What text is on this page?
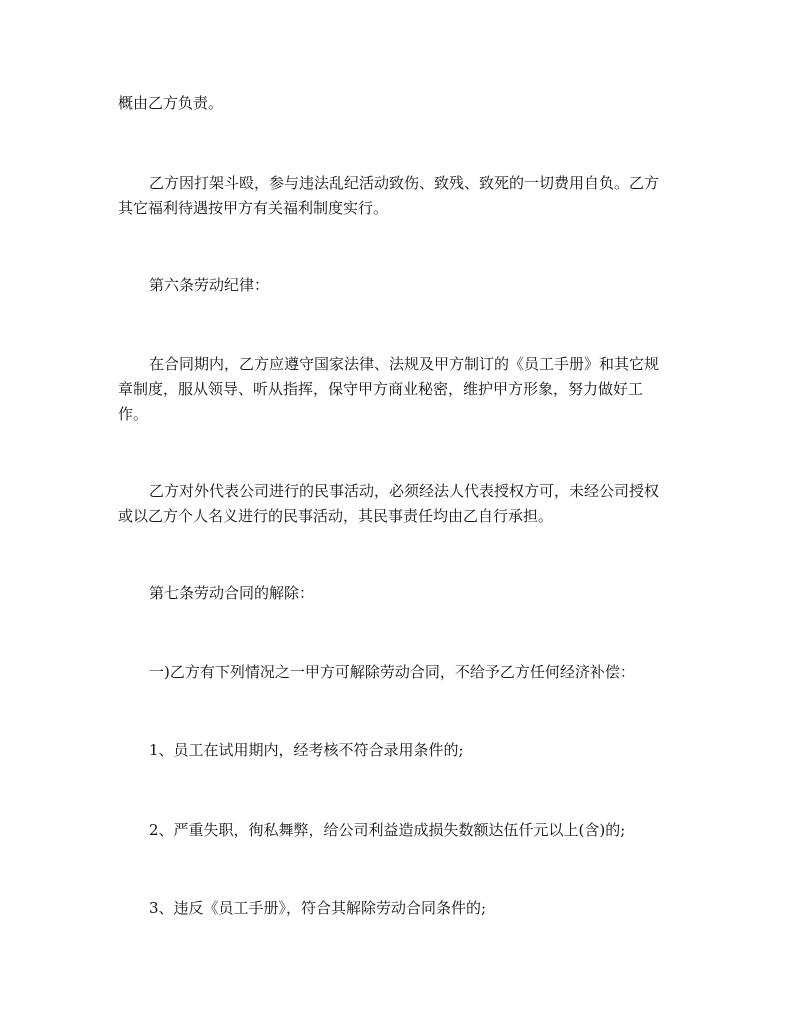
概由乙方负责。
乙方因打架斗殴，参与违法乱纪活动致伤、致残、致死的一切费用自负。乙方
其它福利待遇按甲方有关福利制度实行。
第六条劳动纪律：
在合同期内，乙方应遵守国家法律、法规及甲方制订的《员工手册》和其它规
章制度，服从领导、听从指挥，保守甲方商业秘密，维护甲方形象，努力做好工
作。
乙方对外代表公司进行的民事活动，必须经法人代表授权方可，未经公司授权
或以乙方个人名义进行的民事活动，其民事责任均由乙自行承担。
第七条劳动合同的解除：
一)乙方有下列情况之一甲方可解除劳动合同，不给予乙方任何经济补偿：
1、员工在试用期内，经考核不符合录用条件的;
2、严重失职，徇私舞弊，给公司利益造成损失数额达伍仟元以上(含)的;
3、违反《员工手册》，符合其解除劳动合同条件的;
